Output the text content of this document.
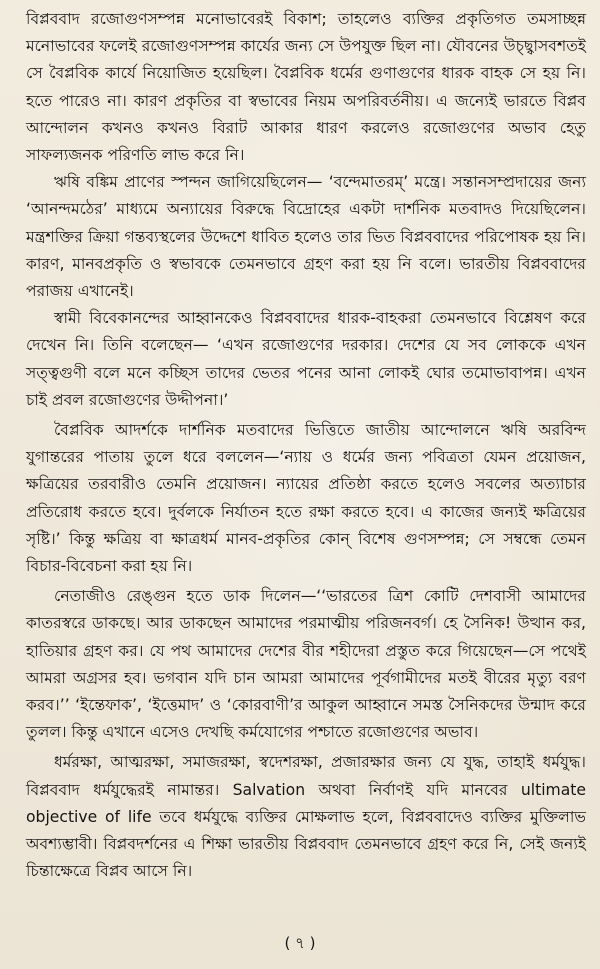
বিপ্লববাদ রজোগুণসম্পন্ন মনোভাবেরই বিকাশ; তাহলেও ব্যক্তির প্রকৃতিগত তমসাচ্ছন্ন মনোভাবের ফলেই রজোগুণসম্পন্ন কার্যের জন্য সে উপযুক্ত ছিল না। যৌবনের উচ্ছ্বাসবশতই সে বৈপ্লবিক কার্যে নিয়োজিত হয়েছিল। বৈপ্লবিক ধর্মের গুণাগুণের ধারক বাহক সে হয় নি। হতে পারেও না। কারণ প্রকৃতির বা স্বভাবের নিয়ম অপরিবর্তনীয়। এ জন্যেই ভারতে বিপ্লব আন্দোলন কখনও কখনও বিরাট আকার ধারণ করলেও রজোগুণের অভাব হেতু সাফল্যজনক পরিণতি লাভ করে নি।

ঋষি বঙ্কিম প্রাণের স্পন্দন জাগিয়েছিলেন— ‘বন্দেমাতরম্’ মন্ত্রে। সন্তানসম্প্রদায়ের জন্য ‘আনন্দমঠের’ মাধ্যমে অন্যায়ের বিরুদ্ধে বিদ্রোহের একটা দার্শনিক মতবাদও দিয়েছিলেন। মন্ত্রশক্তির ক্রিয়া গন্তব্যস্থলের উদ্দেশে ধাবিত হলেও তার ভিত বিপ্লববাদের পরিপোষক হয় নি। কারণ, মানবপ্রকৃতি ও স্বভাবকে তেমনভাবে গ্রহণ করা হয় নি বলে। ভারতীয় বিপ্লববাদের পরাজয় এখানেই।

স্বামী বিবেকানন্দের আহ্বানকেও বিপ্লববাদের ধারক-বাহকরা তেমনভাবে বিশ্লেষণ করে দেখেন নি। তিনি বলেছেন— ‘এখন রজোগুণের দরকার। দেশের যে সব লোককে এখন সত্ত্বগুণী বলে মনে কচ্ছিস তাদের ভেতর পনের আনা লোকই ঘোর তমোভাবাপন্ন। এখন চাই প্রবল রজোগুণের উদ্দীপনা।’

বৈপ্লবিক আদর্শকে দার্শনিক মতবাদের ভিত্তিতে জাতীয় আন্দোলনে ঋষি অরবিন্দ যুগান্তরের পাতায় তুলে ধরে বললেন—‘ন্যায় ও ধর্মের জন্য পবিত্রতা যেমন প্রয়োজন, ক্ষত্রিয়ের তরবারীও তেমনি প্রয়োজন। ন্যায়ের প্রতিষ্ঠা করতে হলেও সবলের অত্যাচার প্রতিরোধ করতে হবে। দুর্বলকে নির্যাতন হতে রক্ষা করতে হবে। এ কাজের জন্যই ক্ষত্রিয়ের সৃষ্টি।’ কিন্তু ক্ষত্রিয় বা ক্ষাত্রধর্ম মানব-প্রকৃতির কোন্ বিশেষ গুণসম্পন্ন; সে সম্বন্ধে তেমন বিচার-বিবেচনা করা হয় নি।

নেতাজীও রেঙ্গুন হতে ডাক দিলেন—‘‘ভারতের ত্রিশ কোটি দেশবাসী আমাদের কাতরস্বরে ডাকছে। আর ডাকছেন আমাদের পরমাত্মীয় পরিজনবর্গ। হে সৈনিক! উত্থান কর, হাতিয়ার গ্রহণ কর। যে পথ আমাদের দেশের বীর শহীদেরা প্রস্তুত করে গিয়েছেন—সে পথেই আমরা অগ্রসর হব। ভগবান যদি চান আমরা আমাদের পূর্বগামীদের মতই বীরের মৃত্যু বরণ করব।’’ ‘ইন্তেফাক’, ‘ইত্তেমাদ’ ও ‘কোরবাণী’র আকুল আহ্বানে সমস্ত সৈনিকদের উন্মাদ করে তুলল। কিন্তু এখানে এসেও দেখছি কর্মযোগের পশ্চাতে রজোগুণের অভাব।

ধর্মরক্ষা, আত্মরক্ষা, সমাজরক্ষা, স্বদেশরক্ষা, প্রজারক্ষার জন্য যে যুদ্ধ, তাহাই ধর্মযুদ্ধ। বিপ্লববাদ ধর্মযুদ্ধেরই নামান্তর। Salvation অথবা নির্বাণই যদি মানবের ultimate objective of life তবে ধর্মযুদ্ধে ব্যক্তির মোক্ষলাভ হলে, বিপ্লববাদেও ব্যক্তির মুক্তিলাভ অবশ্যম্ভাবী। বিপ্লবদর্শনের এ শিক্ষা ভারতীয় বিপ্লববাদ তেমনভাবে গ্রহণ করে নি, সেই জন্যই চিন্তাক্ষেত্রে বিপ্লব আসে নি।

( ৭ )
